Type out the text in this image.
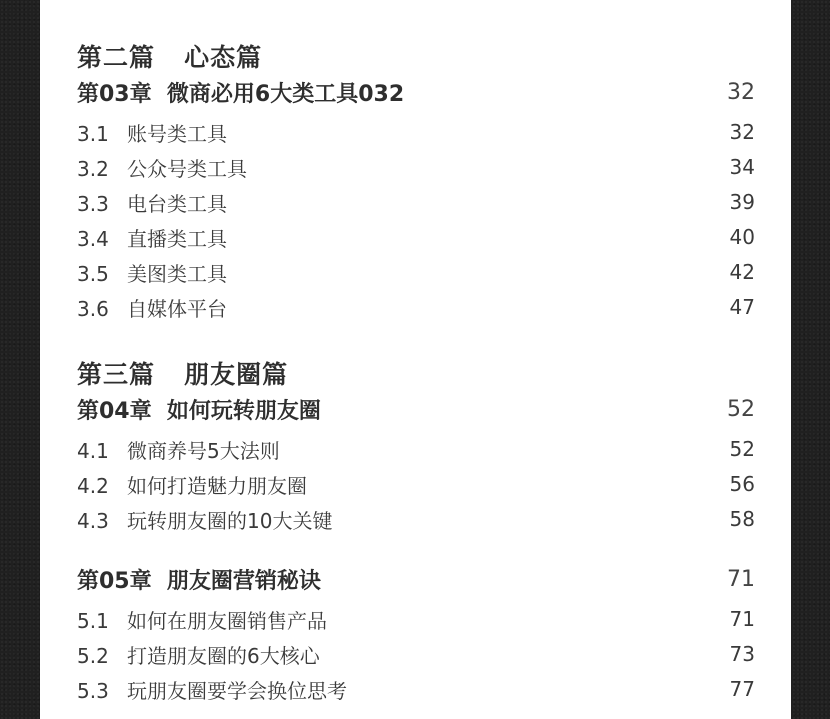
第二篇   心态篇
第03章  微商必用6大类工具032	32
3.1 账号类工具	32
3.2 公众号类工具	34
3.3 电台类工具	39
3.4 直播类工具	40
3.5 美图类工具	42
3.6 自媒体平台	47
第三篇   朋友圈篇
第04章  如何玩转朋友圈	52
4.1 微商养号5大法则	52
4.2 如何打造魅力朋友圈	56
4.3 玩转朋友圈的10大关键	58
第05章  朋友圈营销秘诀	71
5.1 如何在朋友圈销售产品	71
5.2 打造朋友圈的6大核心	73
5.3 玩朋友圈要学会换位思考	77
